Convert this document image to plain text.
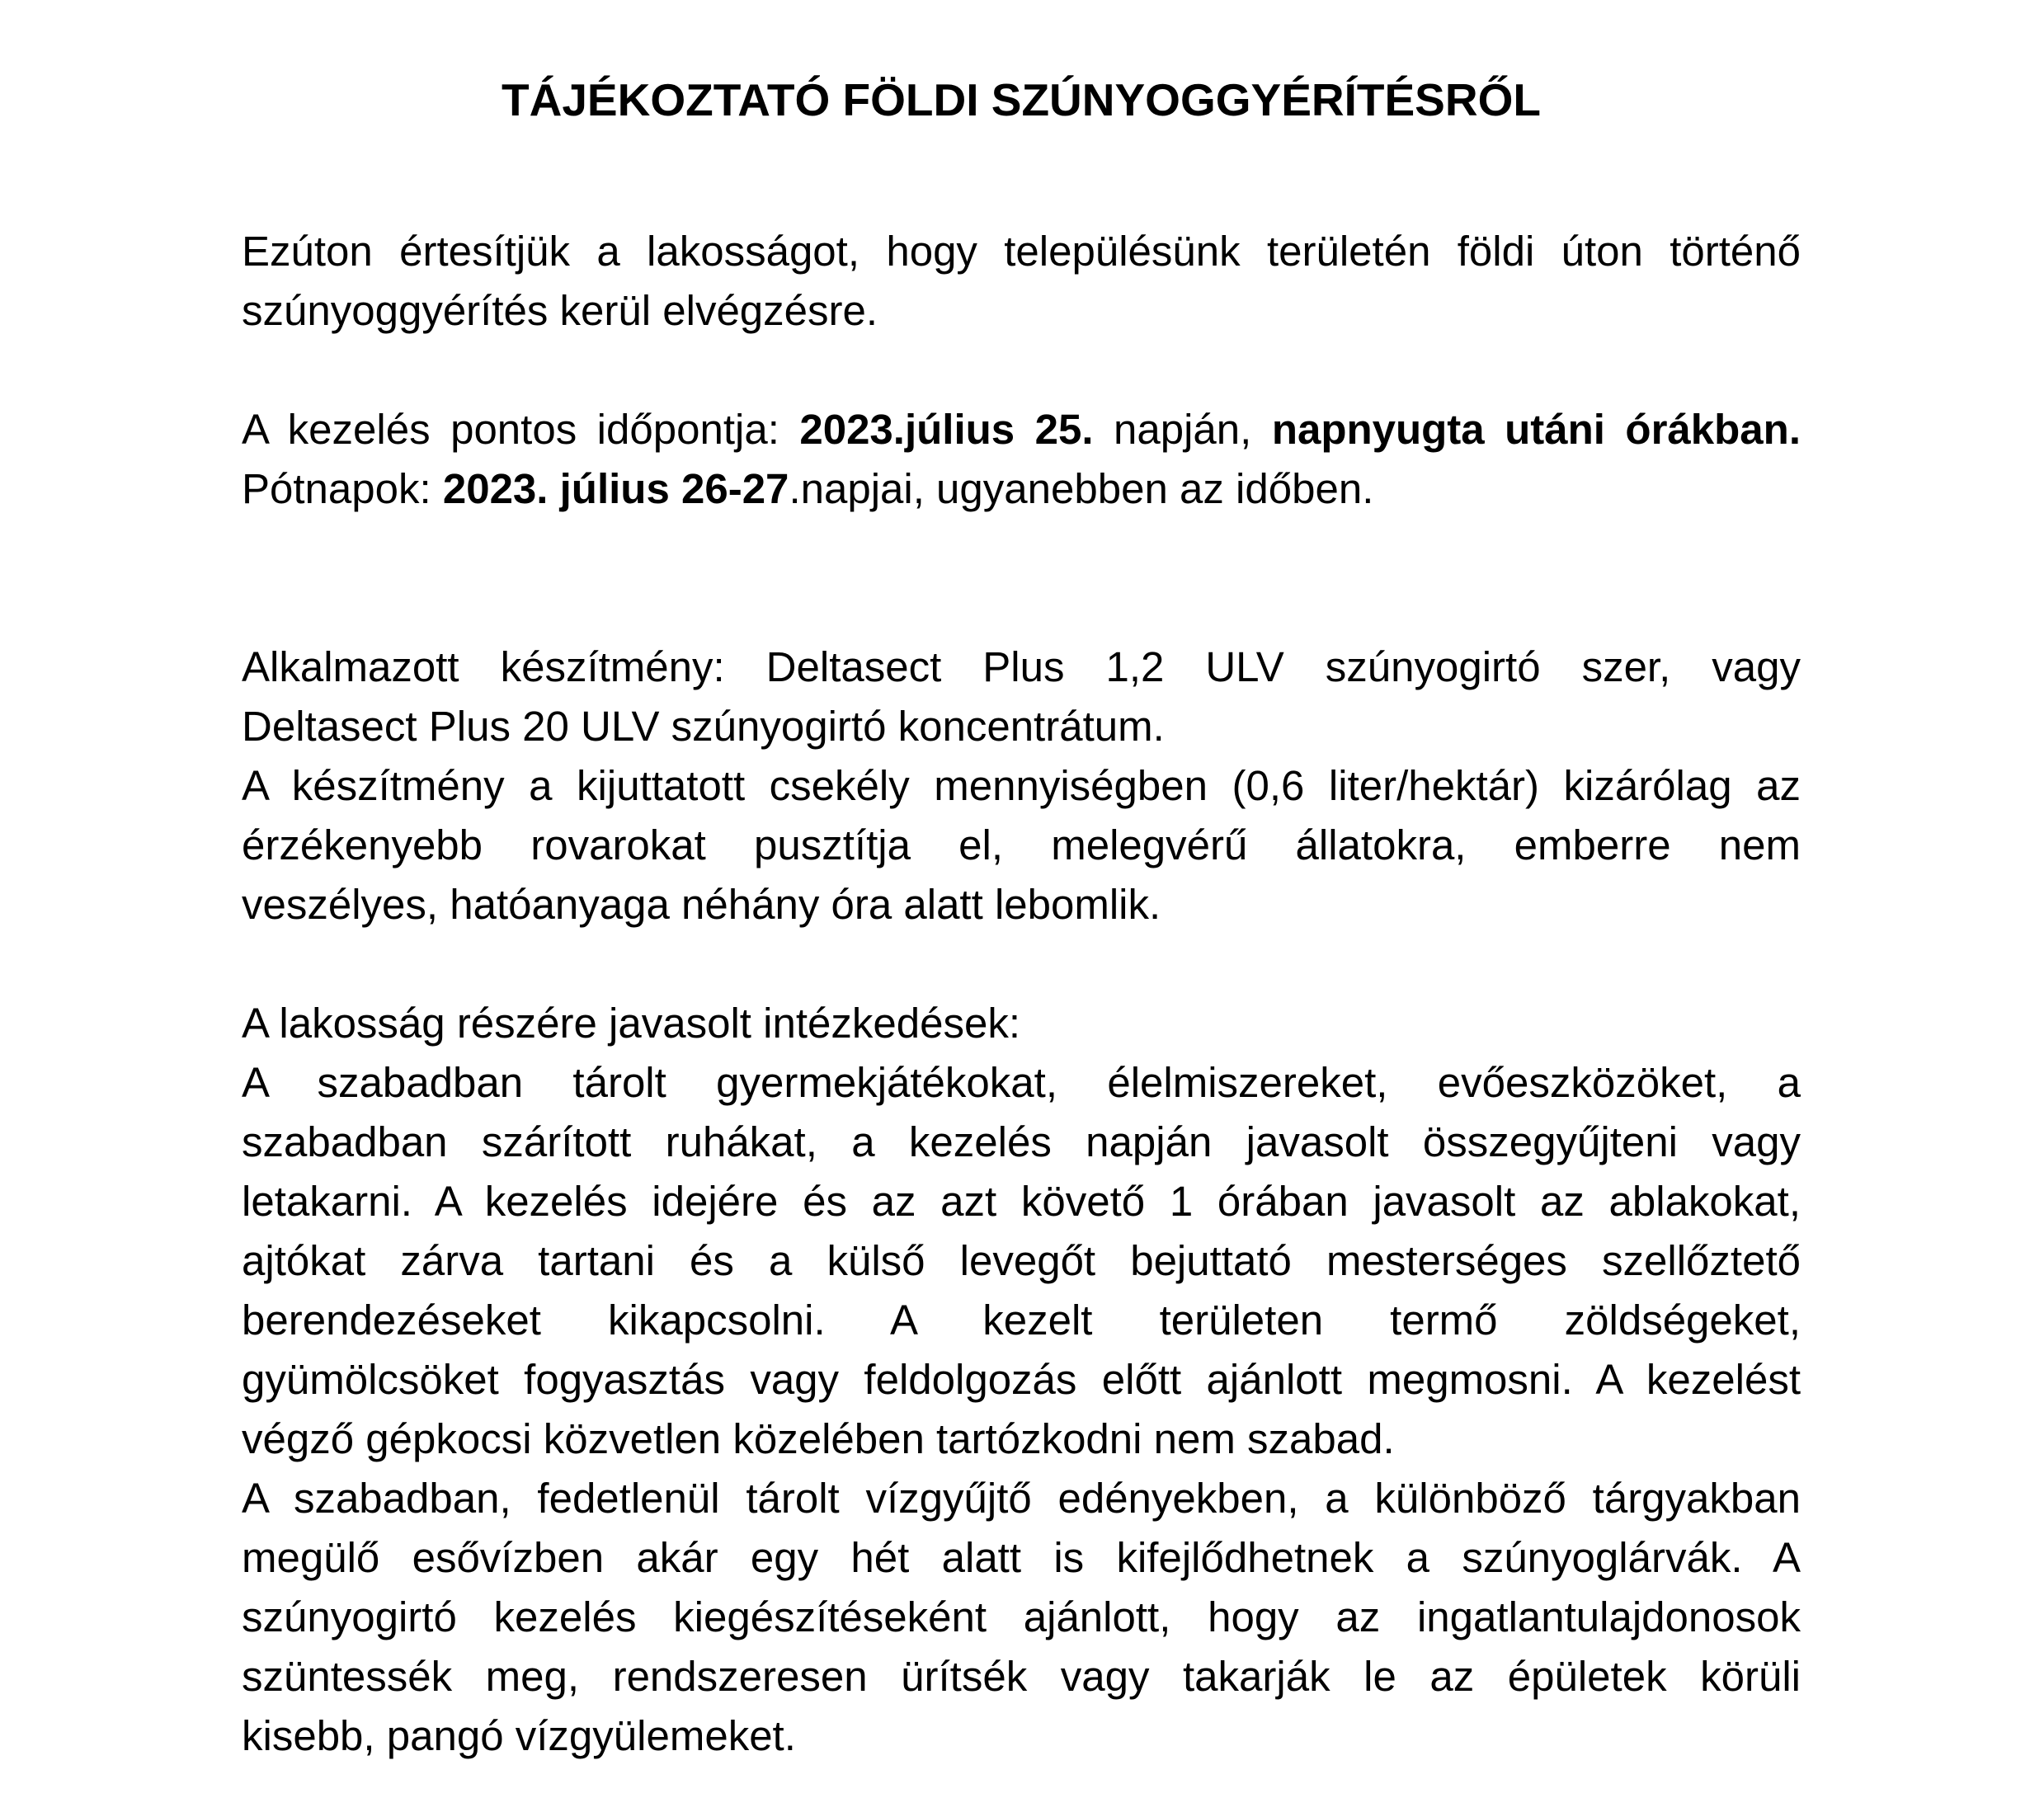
TÁJÉKOZTATÓ FÖLDI SZÚNYOGGYÉRÍTÉSRŐL
Ezúton értesítjük a lakosságot, hogy településünk területén földi úton történő
szúnyoggyérítés kerül elvégzésre.
A kezelés pontos időpontja: 2023.július 25. napján, napnyugta utáni órákban.
Pótnapok: 2023. július 26-27.napjai, ugyanebben az időben.
Alkalmazott készítmény: Deltasect Plus 1,2 ULV szúnyogirtó szer, vagy
Deltasect Plus 20 ULV szúnyogirtó koncentrátum.
A készítmény a kijuttatott csekély mennyiségben (0,6 liter/hektár) kizárólag az
érzékenyebb rovarokat pusztítja el, melegvérű állatokra, emberre nem
veszélyes, hatóanyaga néhány óra alatt lebomlik.
A lakosság részére javasolt intézkedések:
A szabadban tárolt gyermekjátékokat, élelmiszereket, evőeszközöket, a
szabadban szárított ruhákat, a kezelés napján javasolt összegyűjteni vagy
letakarni. A kezelés idejére és az azt követő 1 órában javasolt az ablakokat,
ajtókat zárva tartani és a külső levegőt bejuttató mesterséges szellőztető
berendezéseket kikapcsolni. A kezelt területen termő zöldségeket,
gyümölcsöket fogyasztás vagy feldolgozás előtt ajánlott megmosni. A kezelést
végző gépkocsi közvetlen közelében tartózkodni nem szabad.
A szabadban, fedetlenül tárolt vízgyűjtő edényekben, a különböző tárgyakban
megülő esővízben akár egy hét alatt is kifejlődhetnek a szúnyoglárvák. A
szúnyogirtó kezelés kiegészítéseként ajánlott, hogy az ingatlantulajdonosok
szüntessék meg, rendszeresen ürítsék vagy takarják le az épületek körüli
kisebb, pangó vízgyülemeket.
